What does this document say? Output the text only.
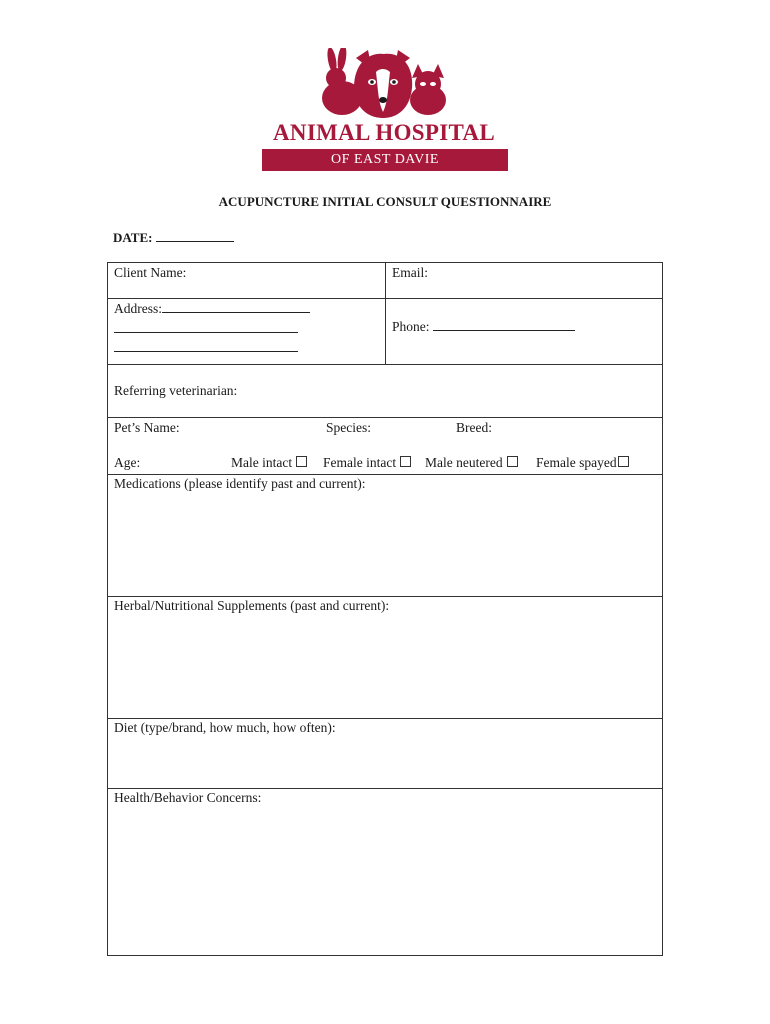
ANIMAL HOSPITAL
OF EAST DAVIE
ACUPUNCTURE INITIAL CONSULT QUESTIONNAIRE
DATE:
Client Name:	Email:
Address:
Phone:
Referring veterinarian:
Pet’s Name:	Species:	Breed:
Age:	Male intact	Female intact	Male neutered	Female spayed
Medications (please identify past and current):
Herbal/Nutritional Supplements (past and current):
Diet (type/brand, how much, how often):
Health/Behavior Concerns:
